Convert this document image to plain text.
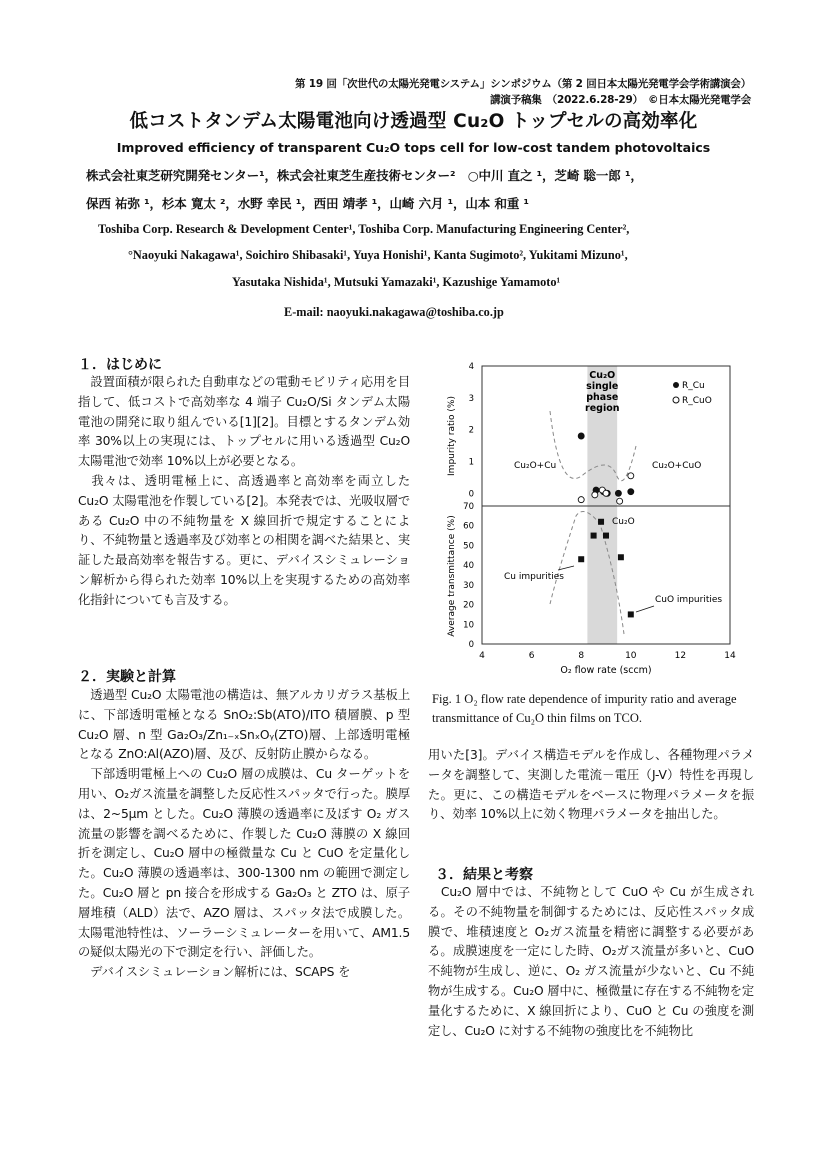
第 19 回「次世代の太陽光発電システム」シンポジウム（第 2 回日本太陽光発電学会学術講演会）
講演予稿集　（2022.6.28-29）　©日本太陽光発電学会
低コストタンデム太陽電池向け透過型 Cu₂O トップセルの高効率化
Improved efficiency of transparent Cu₂O tops cell for low-cost tandem photovoltaics
株式会社東芝研究開発センター¹，株式会社東芝生産技術センター²　○中川 直之 ¹，芝崎 聡一郎 ¹，
保西 祐弥 ¹，杉本 寛太 ²，水野 幸民 ¹，西田 靖孝 ¹，山崎 六月 ¹，山本 和重 ¹
Toshiba Corp. Research & Development Center¹, Toshiba Corp. Manufacturing Engineering Center²,
°Naoyuki Nakagawa¹, Soichiro Shibasaki¹, Yuya Honishi¹, Kanta Sugimoto², Yukitami Mizuno¹,
Yasutaka Nishida¹, Mutsuki Yamazaki¹, Kazushige Yamamoto¹
E-mail: naoyuki.nakagawa@toshiba.co.jp
１．はじめに

　設置面積が限られた自動車などの電動モビリティ応用を目指して、低コストで高効率な 4 端子 Cu₂O/Si タンデム太陽電池の開発に取り組んでいる[1][2]。目標とするタンデム効率 30%以上の実現には、トップセルに用いる透過型 Cu₂O 太陽電池で効率 10%以上が必要となる。

　我々は、透明電極上に、高透過率と高効率を両立した Cu₂O 太陽電池を作製している[2]。本発表では、光吸収層である Cu₂O 中の不純物量を X 線回折で規定することにより、不純物量と透過率及び効率との相関を調べた結果と、実証した最高効率を報告する。更に、デバイスシミュレーション解析から得られた効率 10%以上を実現するための高効率化指針についても言及する。

２．実験と計算

　透過型 Cu₂O 太陽電池の構造は、無アルカリガラス基板上に、下部透明電極となる SnO₂:Sb(ATO)/ITO 積層膜、p 型 Cu₂O 層、n 型 Ga₂O₃/Zn₁₋ₓSnₓOᵧ(ZTO)層、上部透明電極となる ZnO:Al(AZO)層、及び、反射防止膜からなる。

　下部透明電極上への Cu₂O 層の成膜は、Cu ターゲットを用い、O₂ガス流量を調整した反応性スパッタで行った。膜厚は、2~5μm とした。Cu₂O 薄膜の透過率に及ぼす O₂ ガス流量の影響を調べるために、作製した Cu₂O 薄膜の X 線回折を測定し、Cu₂O 層中の極微量な Cu と CuO を定量化した。Cu₂O 薄膜の透過率は、300-1300 nm の範囲で測定した。Cu₂O 層と pn 接合を形成する Ga₂O₃ と ZTO は、原子層堆積（ALD）法で、AZO 層は、スパッタ法で成膜した。太陽電池特性は、ソーラーシミュレーターを用いて、AM1.5 の疑似太陽光の下で測定を行い、評価した。

　デバイスシミュレーション解析には、SCAPS を

Cu₂O
single
phase
region
Impurity ratio (%)
Average transmittance (%)
O₂ flow rate (sccm)
4	6	8	10	12	14
0
1
2
3
4
0
10
20
30
40
50
60
70
R_Cu
R_CuO
Cu₂O+Cu	Cu₂O+CuO
Cu₂O
Cu impurities
CuO impurities
Fig. 1 O₂ flow rate dependence of impurity ratio and average transmittance of Cu₂O thin films on TCO.
用いた[3]。デバイス構造モデルを作成し、各種物理パラメータを調整して、実測した電流－電圧（J-V）特性を再現した。更に、この構造モデルをベースに物理パラメータを振り、効率 10%以上に効く物理パラメータを抽出した。
３．結果と考察
　Cu₂O 層中では、不純物として CuO や Cu が生成される。その不純物量を制御するためには、反応性スパッタ成膜で、堆積速度と O₂ガス流量を精密に調整する必要がある。成膜速度を一定にした時、O₂ガス流量が多いと、CuO 不純物が生成し、逆に、O₂ ガス流量が少ないと、Cu 不純物が生成する。Cu₂O 層中に、極微量に存在する不純物を定量化するために、X 線回折により、CuO と Cu の強度を測定し、Cu₂O に対する不純物の強度比を不純物比
